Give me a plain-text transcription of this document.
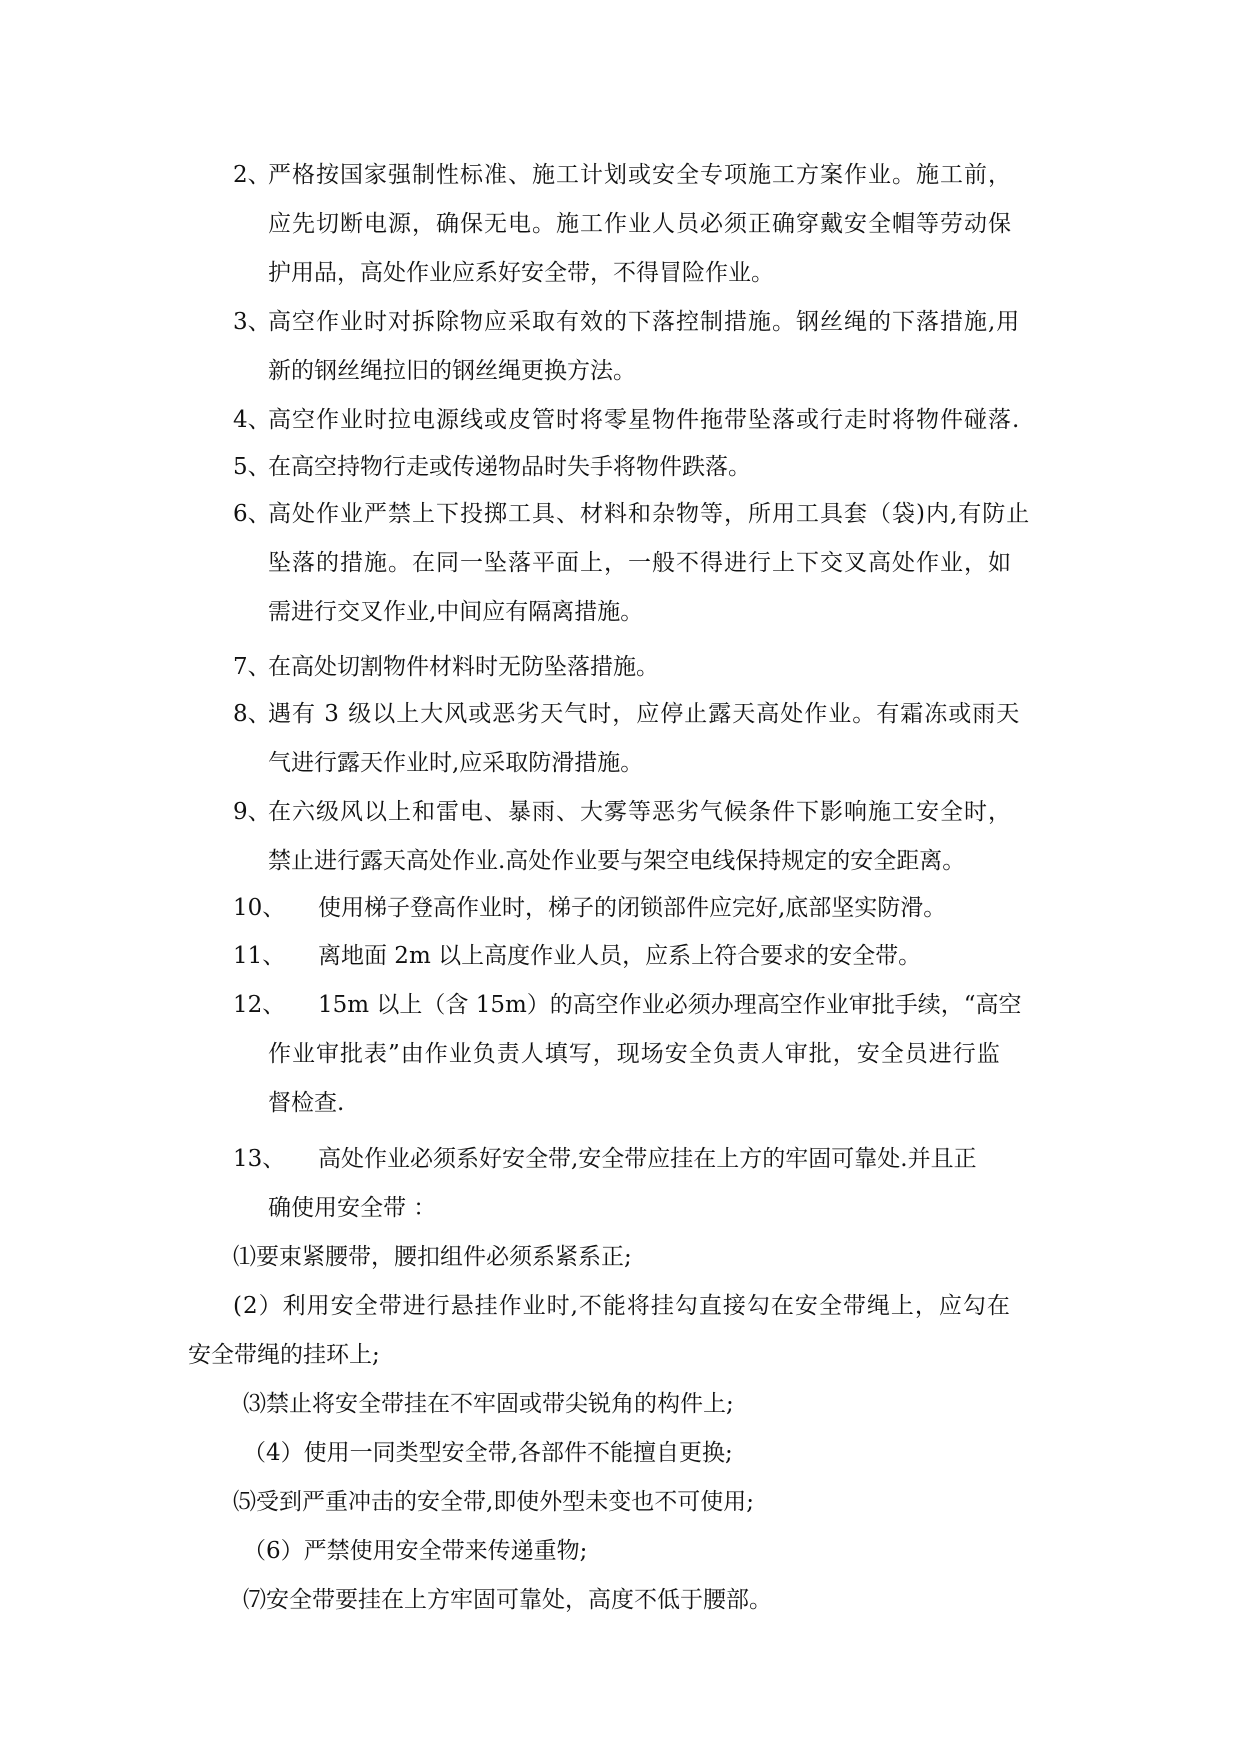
2、
严格按国家强制性标准、施工计划或安全专项施工方案作业。施工前，
应先切断电源，确保无电。施工作业人员必须正确穿戴安全帽等劳动保
护用品，高处作业应系好安全带，不得冒险作业。
3、
高空作业时对拆除物应采取有效的下落控制措施。钢丝绳的下落措施,用
新的钢丝绳拉旧的钢丝绳更换方法。
4、
高空作业时拉电源线或皮管时将零星物件拖带坠落或行走时将物件碰落.
5、
在高空持物行走或传递物品时失手将物件跌落。
6、
高处作业严禁上下投掷工具、材料和杂物等，所用工具套（袋)内,有防止
坠落的措施。在同一坠落平面上，一般不得进行上下交叉高处作业，如
需进行交叉作业,中间应有隔离措施。
7、
在高处切割物件材料时无防坠落措施。
8、
遇有 3 级以上大风或恶劣天气时，应停止露天高处作业。有霜冻或雨天
气进行露天作业时,应采取防滑措施。
9、
在六级风以上和雷电、暴雨、大雾等恶劣气候条件下影响施工安全时，
禁止进行露天高处作业.高处作业要与架空电线保持规定的安全距离。
10、 使用梯子登高作业时，梯子的闭锁部件应完好,底部坚实防滑。
11、 离地面 2m 以上高度作业人员，应系上符合要求的安全带。
12、 15m 以上（含 15m）的高空作业必须办理高空作业审批手续，“高空
作业审批表”由作业负责人填写，现场安全负责人审批，安全员进行监
督检查.
13、 高处作业必须系好安全带,安全带应挂在上方的牢固可靠处.并且正
确使用安全带 ：
⑴要束紧腰带，腰扣组件必须系紧系正;
(2）利用安全带进行悬挂作业时,不能将挂勾直接勾在安全带绳上，应勾在
安全带绳的挂环上;
⑶禁止将安全带挂在不牢固或带尖锐角的构件上;
（4）使用一同类型安全带,各部件不能擅自更换;
⑸受到严重冲击的安全带,即使外型未变也不可使用;
（6）严禁使用安全带来传递重物;
⑺安全带要挂在上方牢固可靠处，高度不低于腰部。
